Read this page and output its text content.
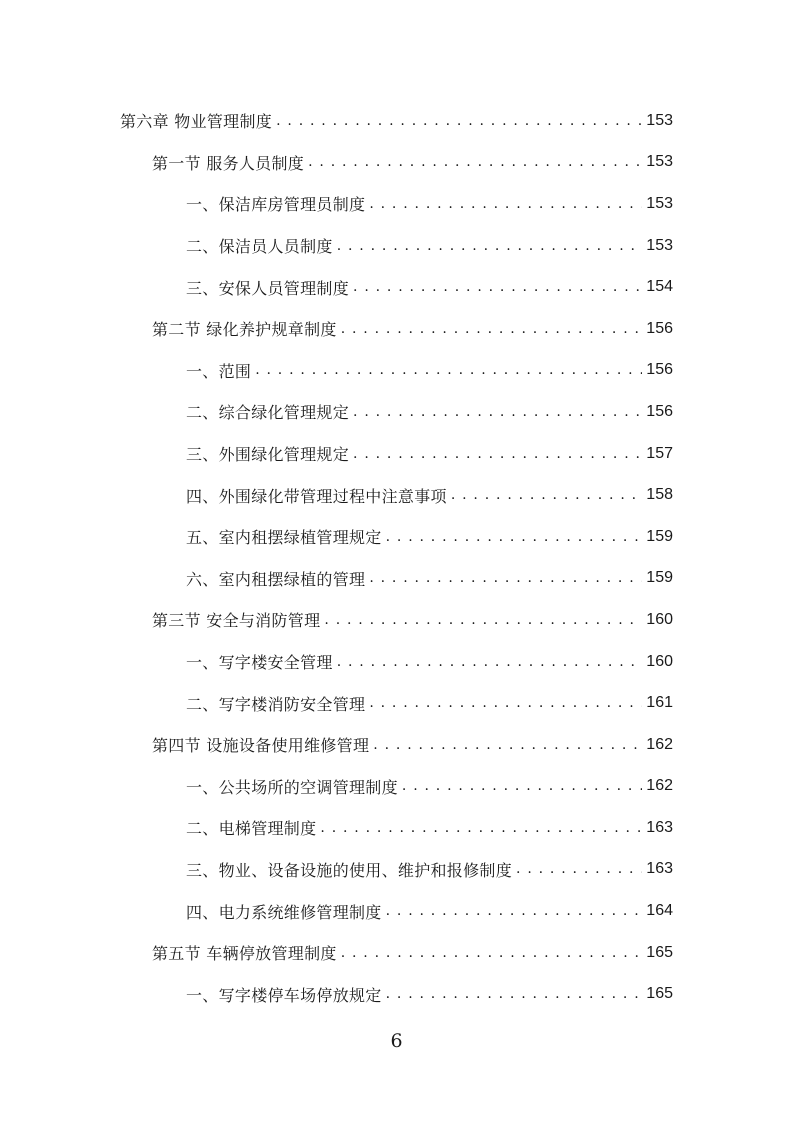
第六章 物业管理制度 . . .	153
第一节 服务人员制度 . . .	153
一、保洁库房管理员制度 . . .	153
二、保洁员人员制度 . . .	153
三、安保人员管理制度 . . .	154
第二节 绿化养护规章制度 . . .	156
一、范围 . . .	156
二、综合绿化管理规定 . . .	156
三、外围绿化管理规定 . . .	157
四、外围绿化带管理过程中注意事项 . . .	158
五、室内租摆绿植管理规定 . . .	159
六、室内租摆绿植的管理 . . .	159
第三节 安全与消防管理 . . .	160
一、写字楼安全管理 . . .	160
二、写字楼消防安全管理 . . .	161
第四节 设施设备使用维修管理 . . .	162
一、公共场所的空调管理制度 . . .	162
二、电梯管理制度 . . .	163
三、物业、设备设施的使用、维护和报修制度 . . .	163
四、电力系统维修管理制度 . . .	164
第五节 车辆停放管理制度 . . .	165
一、写字楼停车场停放规定 . . .	165
6
